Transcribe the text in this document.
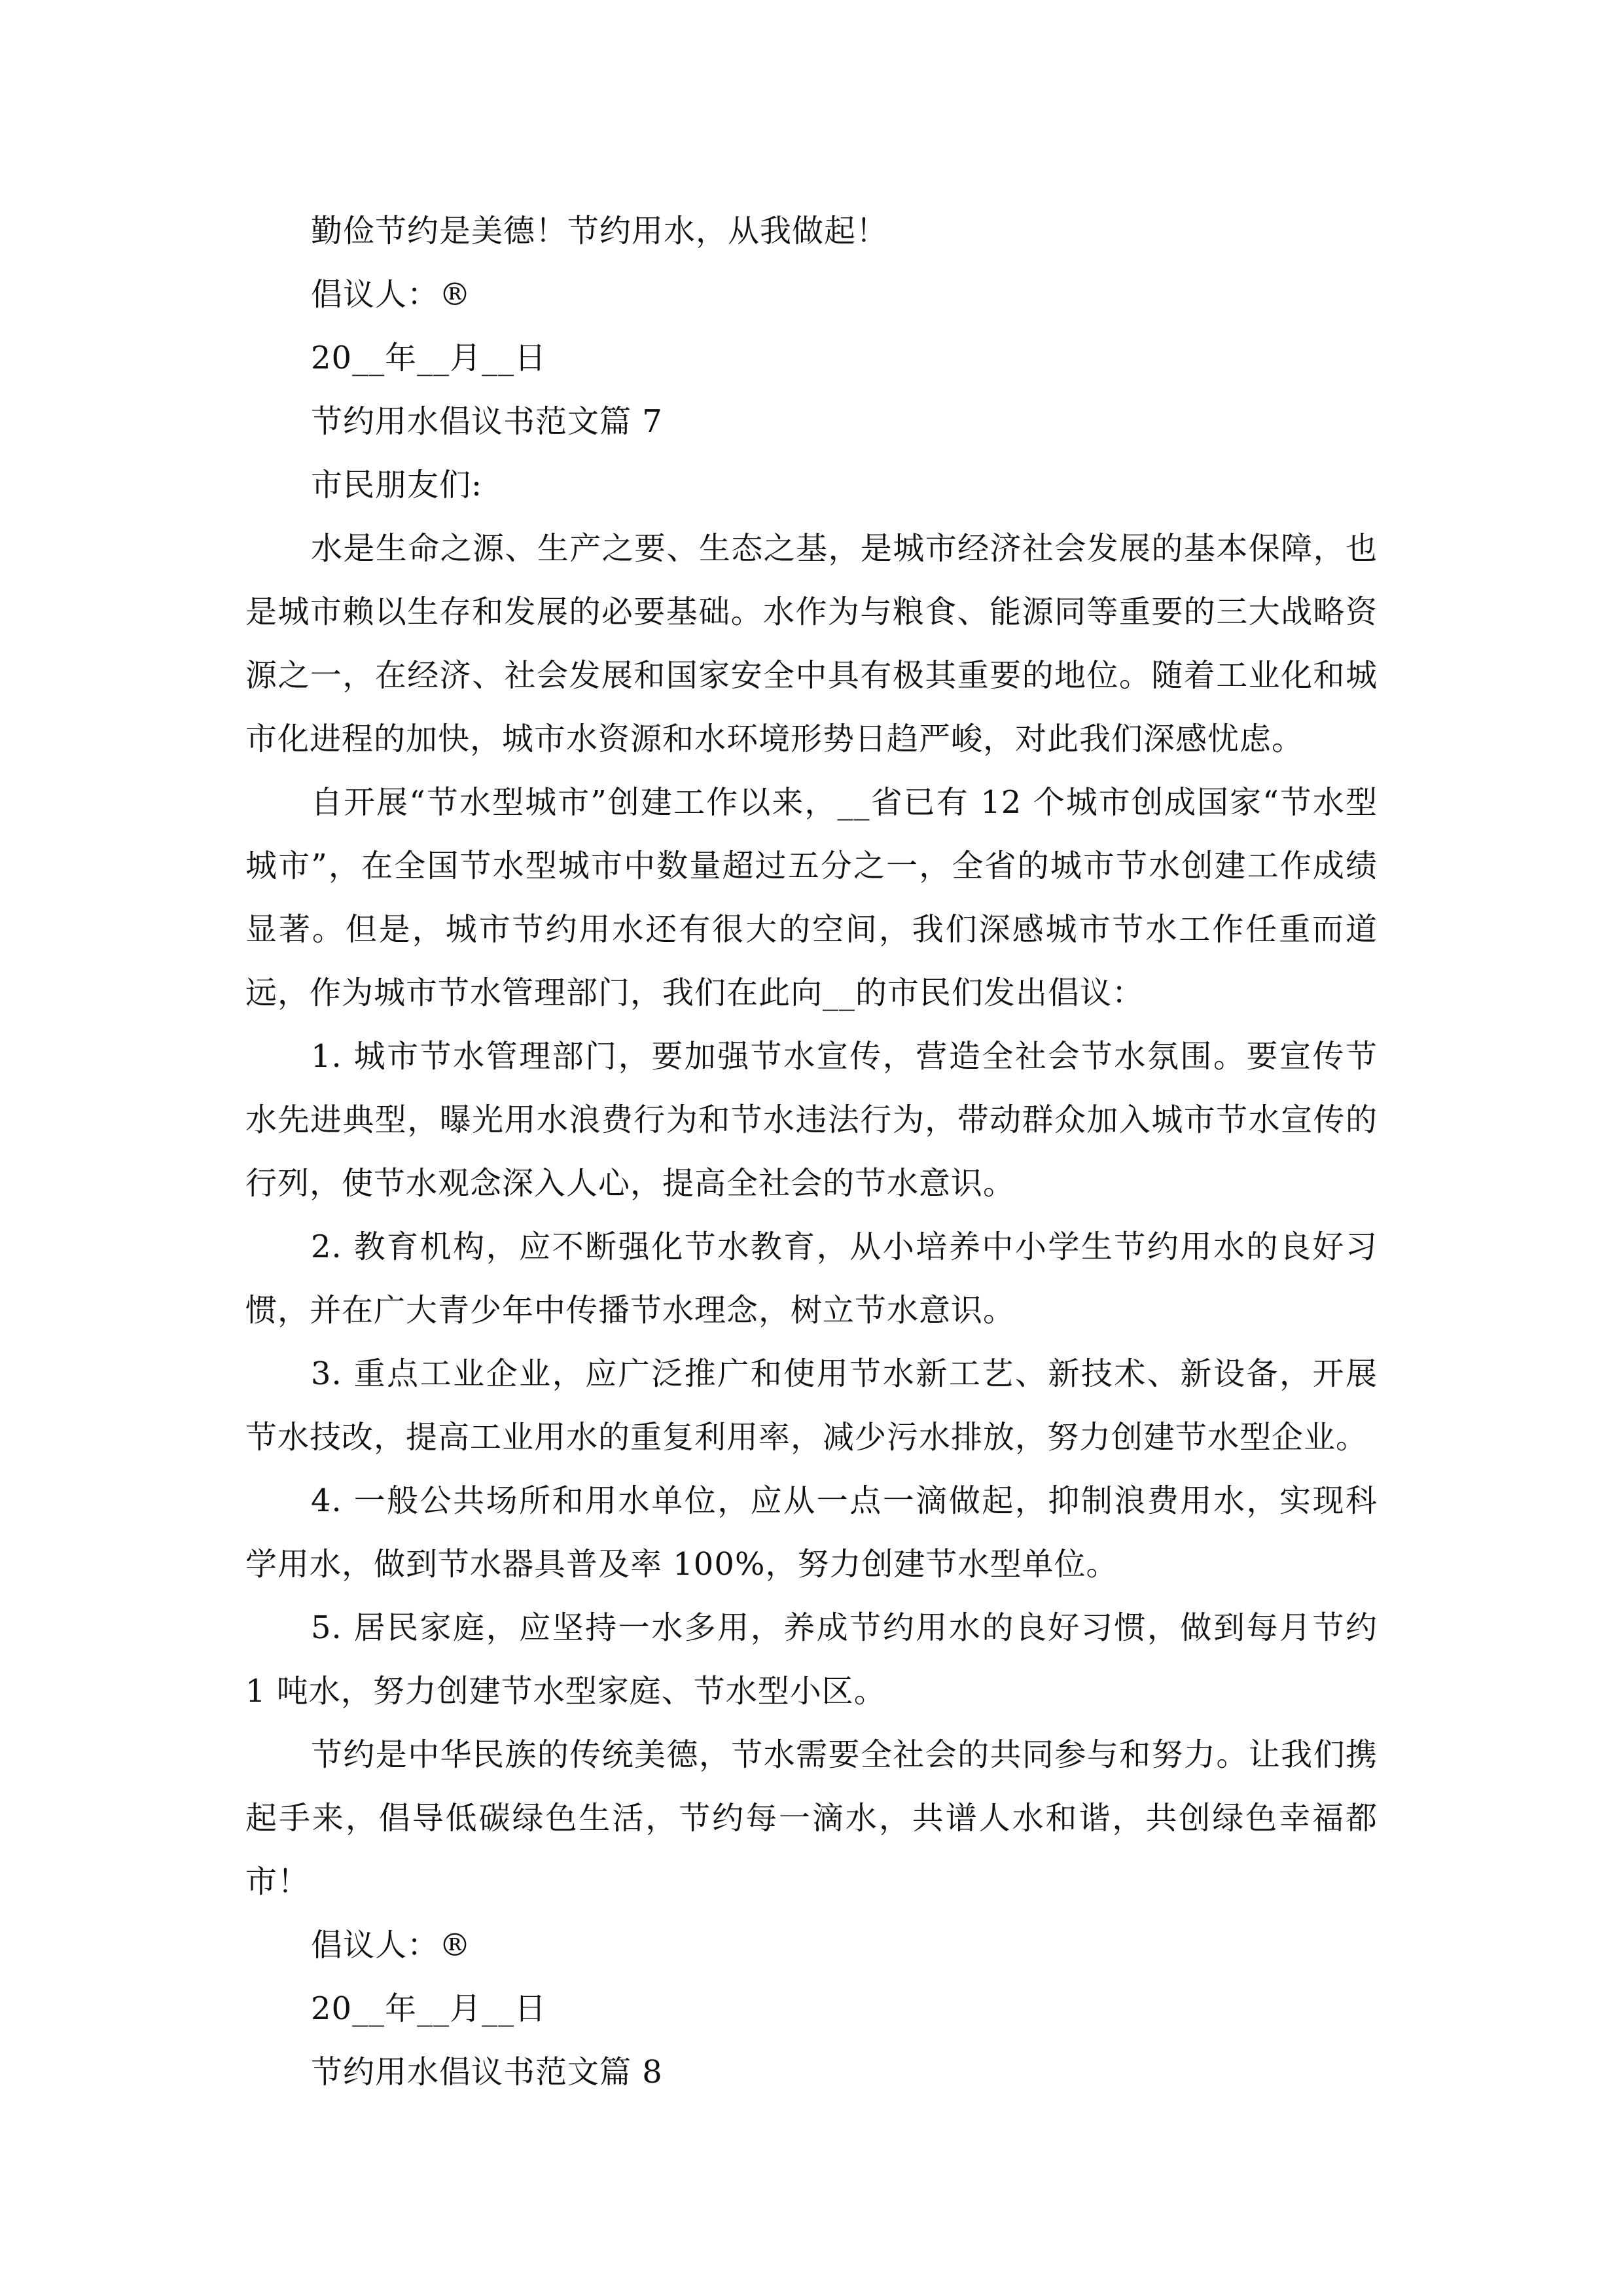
勤俭节约是美德！节约用水，从我做起！
倡议人：®
20__年__月__日
节约用水倡议书范文篇 7
市民朋友们:

水是生命之源、生产之要、生态之基，是城市经济社会发展的基本保障，也是城市赖以生存和发展的必要基础。水作为与粮食、能源同等重要的三大战略资源之一，在经济、社会发展和国家安全中具有极其重要的地位。随着工业化和城市化进程的加快，城市水资源和水环境形势日趋严峻，对此我们深感忧虑。

自开展“节水型城市”创建工作以来，__省已有 12 个城市创成国家“节水型城市”，在全国节水型城市中数量超过五分之一，全省的城市节水创建工作成绩显著。但是，城市节约用水还有很大的空间，我们深感城市节水工作任重而道远，作为城市节水管理部门，我们在此向__的市民们发出倡议：

1. 城市节水管理部门，要加强节水宣传，营造全社会节水氛围。要宣传节水先进典型，曝光用水浪费行为和节水违法行为，带动群众加入城市节水宣传的行列，使节水观念深入人心，提高全社会的节水意识。

2. 教育机构，应不断强化节水教育，从小培养中小学生节约用水的良好习惯，并在广大青少年中传播节水理念，树立节水意识。

3. 重点工业企业，应广泛推广和使用节水新工艺、新技术、新设备，开展节水技改，提高工业用水的重复利用率，减少污水排放，努力创建节水型企业。

4. 一般公共场所和用水单位，应从一点一滴做起，抑制浪费用水，实现科学用水，做到节水器具普及率 100%，努力创建节水型单位。

5. 居民家庭，应坚持一水多用，养成节约用水的良好习惯，做到每月节约 1 吨水，努力创建节水型家庭、节水型小区。

节约是中华民族的传统美德，节水需要全社会的共同参与和努力。让我们携起手来，倡导低碳绿色生活，节约每一滴水，共谱人水和谐，共创绿色幸福都市！

倡议人：®
20__年__月__日
节约用水倡议书范文篇 8
